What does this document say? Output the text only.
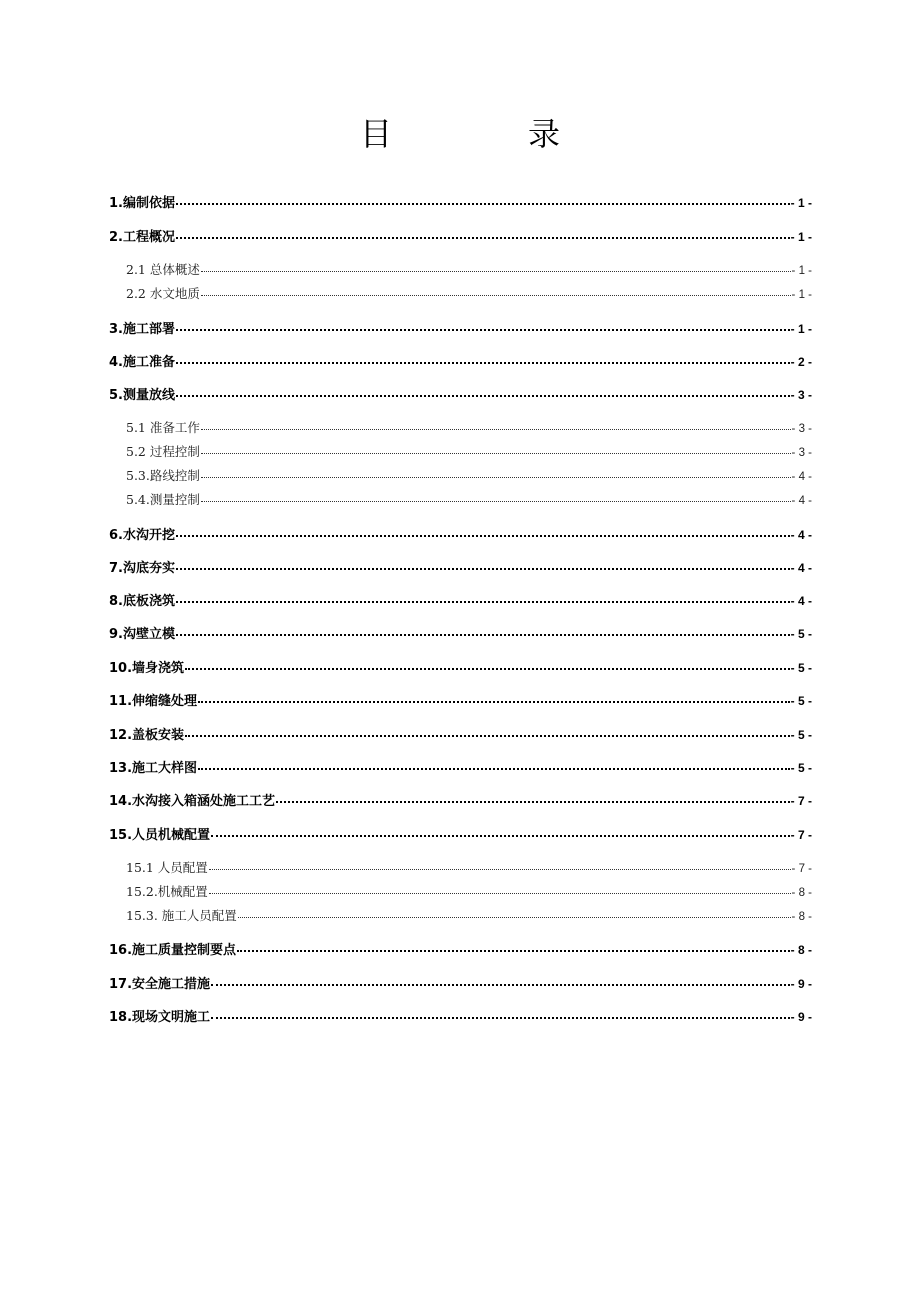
目　录
1.编制依据	- 1 -
2.工程概况	- 1 -
2.1 总体概述	- 1 -
2.2 水文地质	- 1 -
3.施工部署	- 1 -
4.施工准备	- 2 -
5.测量放线	- 3 -
5.1 准备工作	- 3 -
5.2 过程控制	- 3 -
5.3.路线控制	- 4 -
5.4.测量控制	- 4 -
6.水沟开挖	- 4 -
7.沟底夯实	- 4 -
8.底板浇筑	- 4 -
9.沟壁立模	- 5 -
10.墙身浇筑	- 5 -
11.伸缩缝处理	- 5 -
12.盖板安装	- 5 -
13.施工大样图	- 5 -
14.水沟接入箱涵处施工工艺	- 7 -
15.人员机械配置	- 7 -
15.1 人员配置	- 7 -
15.2.机械配置	- 8 -
15.3. 施工人员配置	- 8 -
16.施工质量控制要点	- 8 -
17.安全施工措施	- 9 -
18.现场文明施工	- 9 -
